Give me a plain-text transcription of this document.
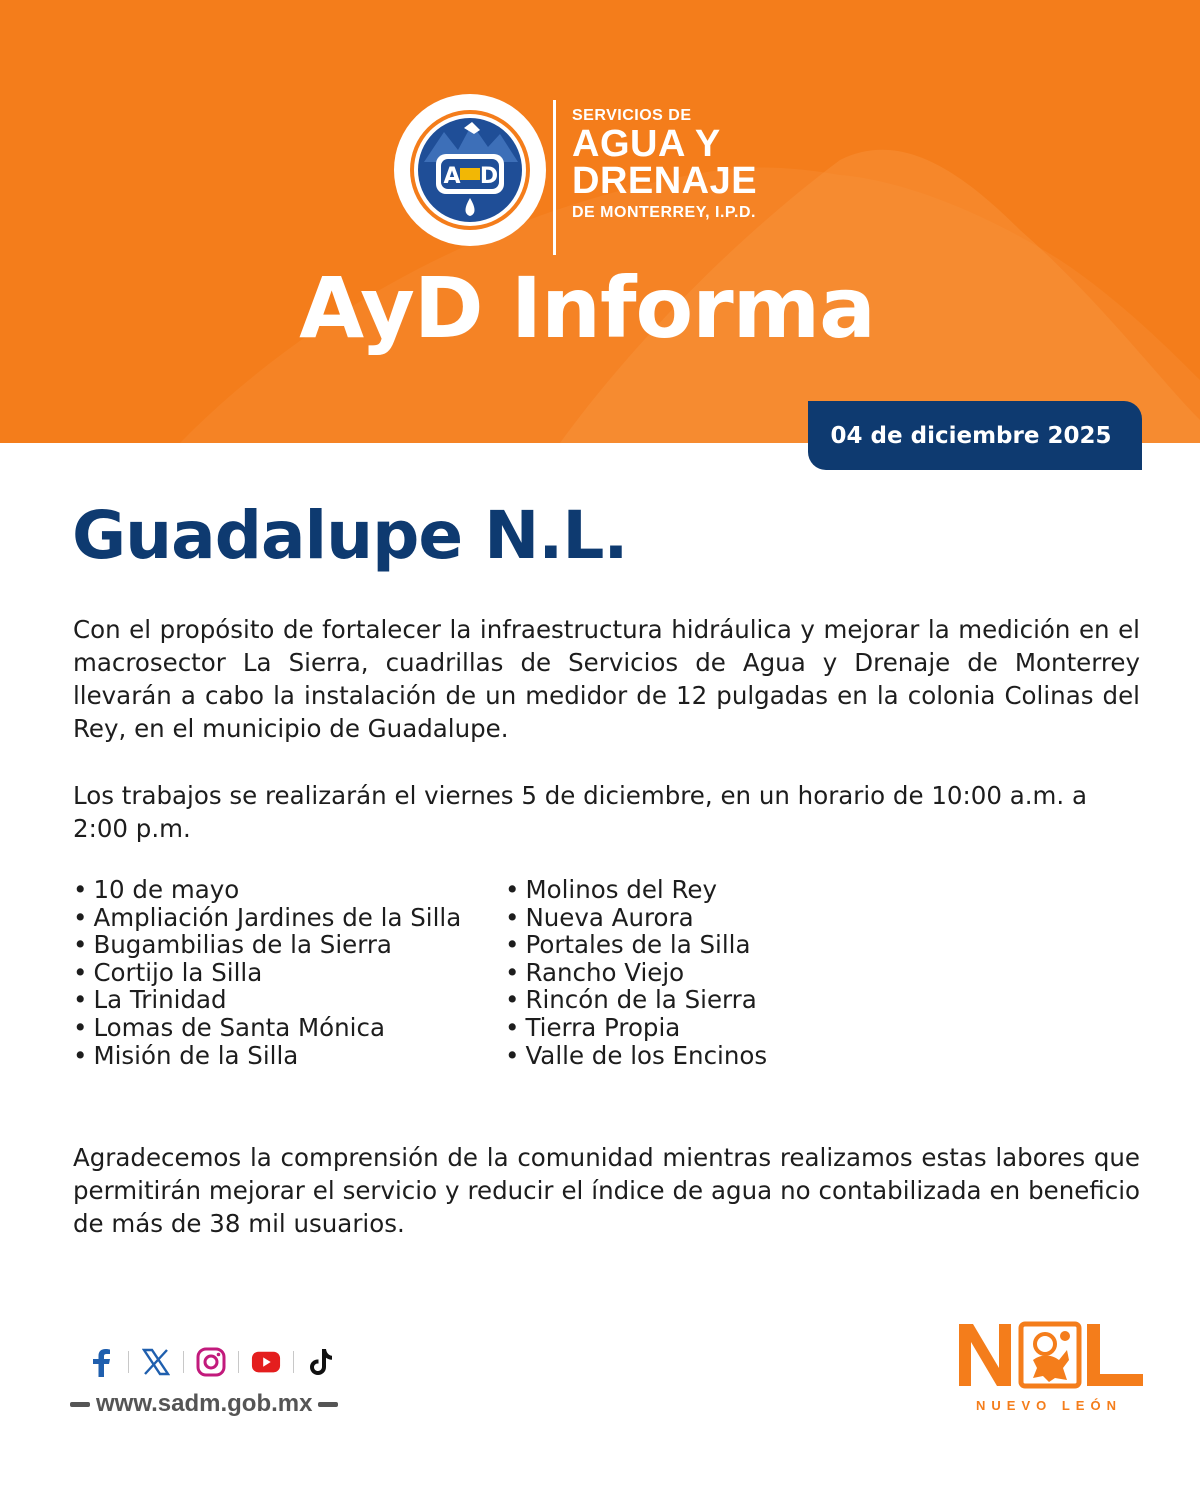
A D
SERVICIOS DE
AGUA Y
DRENAJE
DE MONTERREY, I.P.D.
AyD Informa
04 de diciembre 2025
Guadalupe N.L.

Con el propósito de fortalecer la infraestructura hidráulica y mejorar la medición en el macrosector La Sierra, cuadrillas de Servicios de Agua y Drenaje de Monterrey llevarán a cabo la instalación de un medidor de 12 pulgadas en la colonia Colinas del Rey, en el municipio de Guadalupe.

Los trabajos se realizarán el viernes 5 de diciembre, en un horario de 10:00 a.m. a 2:00 p.m.

• 10 de mayo
• Ampliación Jardines de la Silla
• Bugambilias de la Sierra
• Cortijo la Silla
• La Trinidad
• Lomas de Santa Mónica
• Misión de la Silla
• Molinos del Rey
• Nueva Aurora
• Portales de la Silla
• Rancho Viejo
• Rincón de la Sierra
• Tierra Propia
• Valle de los Encinos

Agradecemos la comprensión de la comunidad mientras realizamos estas labores que permitirán mejorar el servicio y reducir el índice de agua no contabilizada en beneficio de más de 38 mil usuarios.

www.sadm.gob.mx	NUEVO LEÓN
